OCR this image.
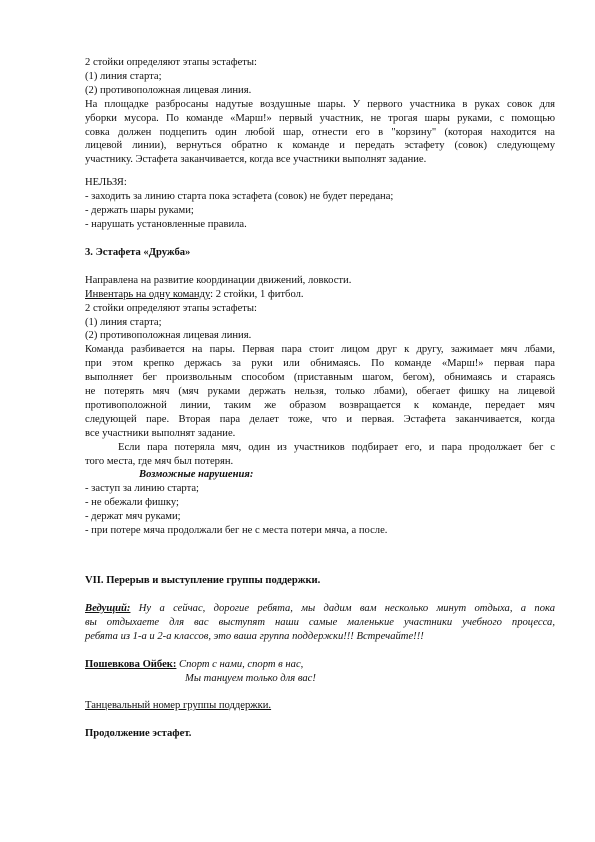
2 стойки определяют этапы эстафеты:
(1) линия старта;
(2) противоположная лицевая линия.
На площадке разбросаны надутые воздушные шары. У первого участника в руках совок для
уборки мусора. По команде «Марш!» первый участник, не трогая шары руками, с помощью
совка должен подцепить один любой шар, отнести его в "корзину" (которая находится на
лицевой линии), вернуться обратно к команде и передать эстафету (совок) следующему
участнику. Эстафета заканчивается, когда все участники выполнят задание.
НЕЛЬЗЯ:
- заходить за линию старта пока эстафета (совок) не будет передана;
- держать шары руками;
- нарушать установленные правила.
3. Эстафета «Дружба»
Направлена на развитие координации движений, ловкости.
Инвентарь на одну команду: 2 стойки, 1 фитбол.
2 стойки определяют этапы эстафеты:
(1) линия старта;
(2) противоположная лицевая линия.
Команда разбивается на пары. Первая пара стоит лицом друг к другу, зажимает мяч лбами,
при этом крепко держась за руки или обнимаясь. По команде «Марш!» первая пара
выполняет бег произвольным способом (приставным шагом, бегом), обнимаясь и стараясь
не потерять мяч (мяч руками держать нельзя, только лбами), обегает фишку на лицевой
противоположной линии, таким же образом возвращается к команде, передает мяч
следующей паре. Вторая пара делает тоже, что и первая. Эстафета заканчивается, когда
все участники выполнят задание.
Если пара потеряла мяч, один из участников подбирает его, и пара продолжает бег с
того места, где мяч был потерян.
Возможные нарушения:
- заступ за линию старта;
- не обежали фишку;
- держат мяч руками;
- при потере мяча продолжали бег не с места потери мяча, а после.
VII. Перерыв и выступление группы поддержки.
Ведущий: Ну а сейчас, дорогие ребята, мы дадим вам несколько минут отдыха, а пока
вы отдыхаете для вас выступят наши самые маленькие участники учебного процесса,
ребята из 1-а и 2-а классов, это ваша группа поддержки!!! Встречайте!!!
Пошевкова Ойбек: Спорт с нами, спорт в нас,
Мы танцуем только для вас!
Танцевальный номер группы поддержки.
Продолжение эстафет.
